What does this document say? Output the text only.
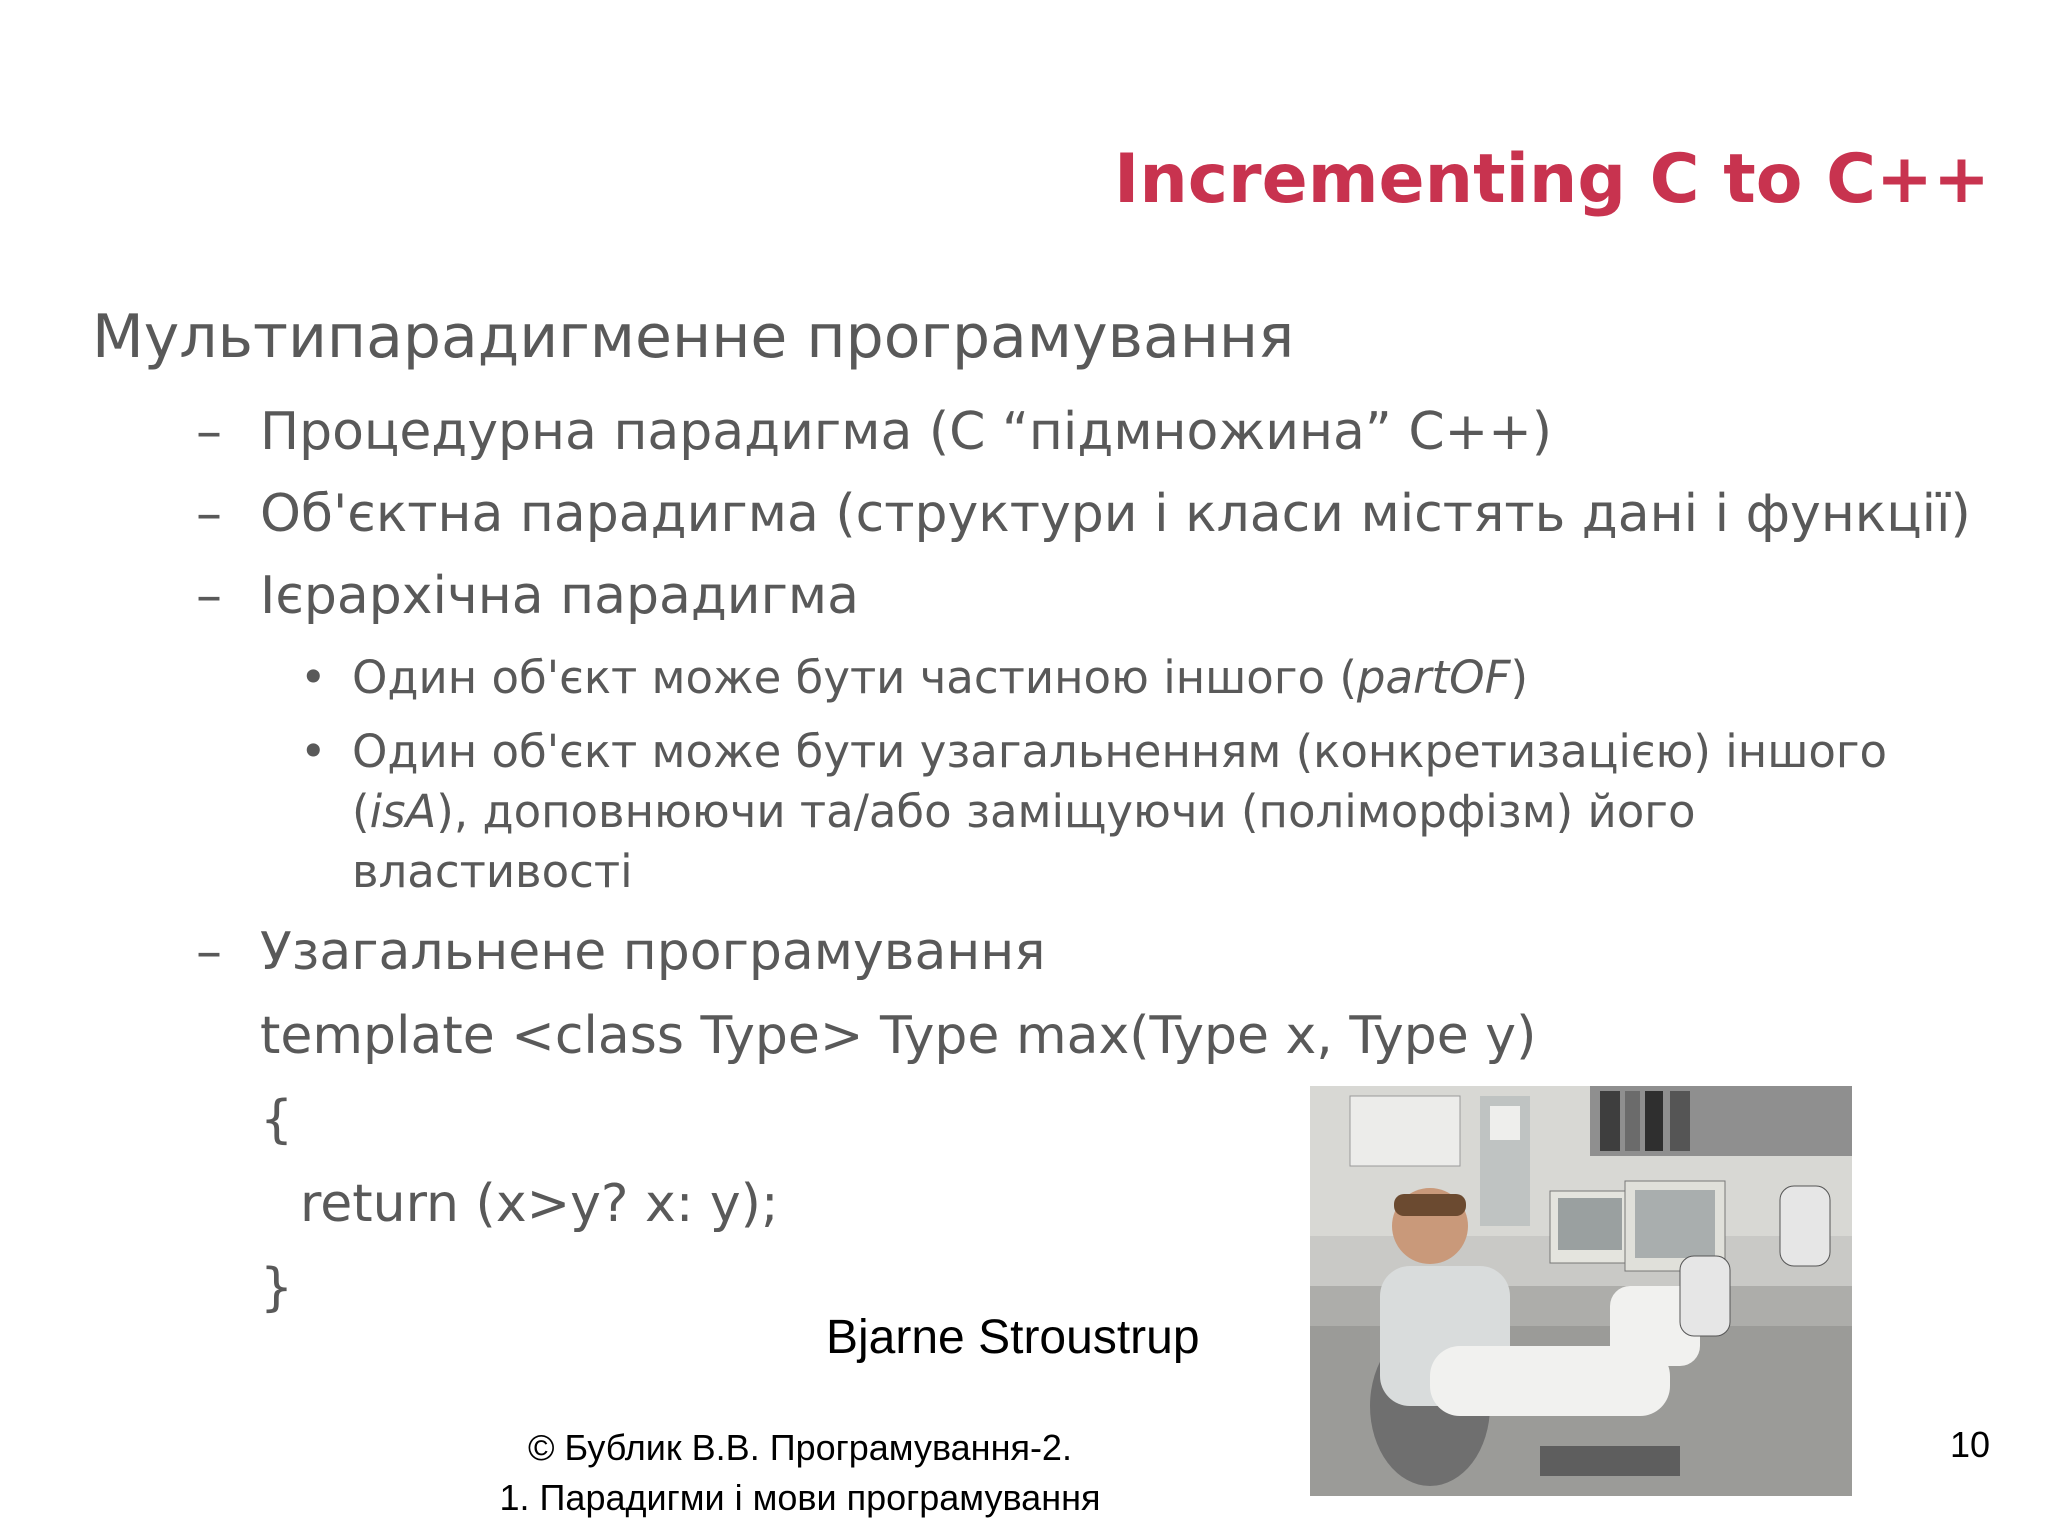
Incrementing C to C++
Мультипарадигменне програмування
– Процедурна парадигма (С “підмножина” С++)
– Об'єктна парадигма (структури і класи містять дані і функції)
– Ієрархічна парадигма
• Один об'єкт може бути частиною іншого (partOF)
• Один об'єкт може бути узагальненням (конкретизацією) іншого (isA), доповнюючи та/або заміщуючи (поліморфізм) його властивості
– Узагальнене програмування
template <class Type> Type max(Type x, Type y)
{
return (x>y? x: y);
}
Bjarne Stroustrup
© Бублик В.В. Програмування-2.
1. Парадигми і мови програмування
10
